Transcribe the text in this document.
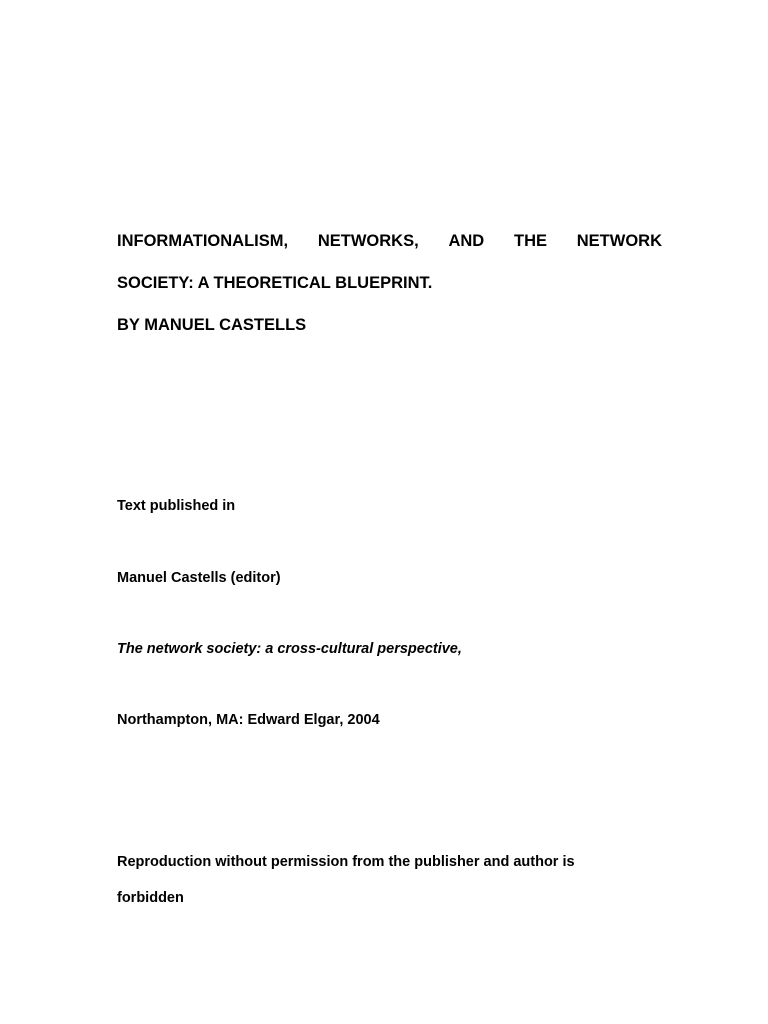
INFORMATIONALISM, NETWORKS, AND THE NETWORK
SOCIETY: A THEORETICAL BLUEPRINT.
BY MANUEL CASTELLS
Text published in
Manuel Castells (editor)
The network society: a cross-cultural perspective,
Northampton, MA: Edward Elgar, 2004
Reproduction without permission from the publisher and author is
forbidden
